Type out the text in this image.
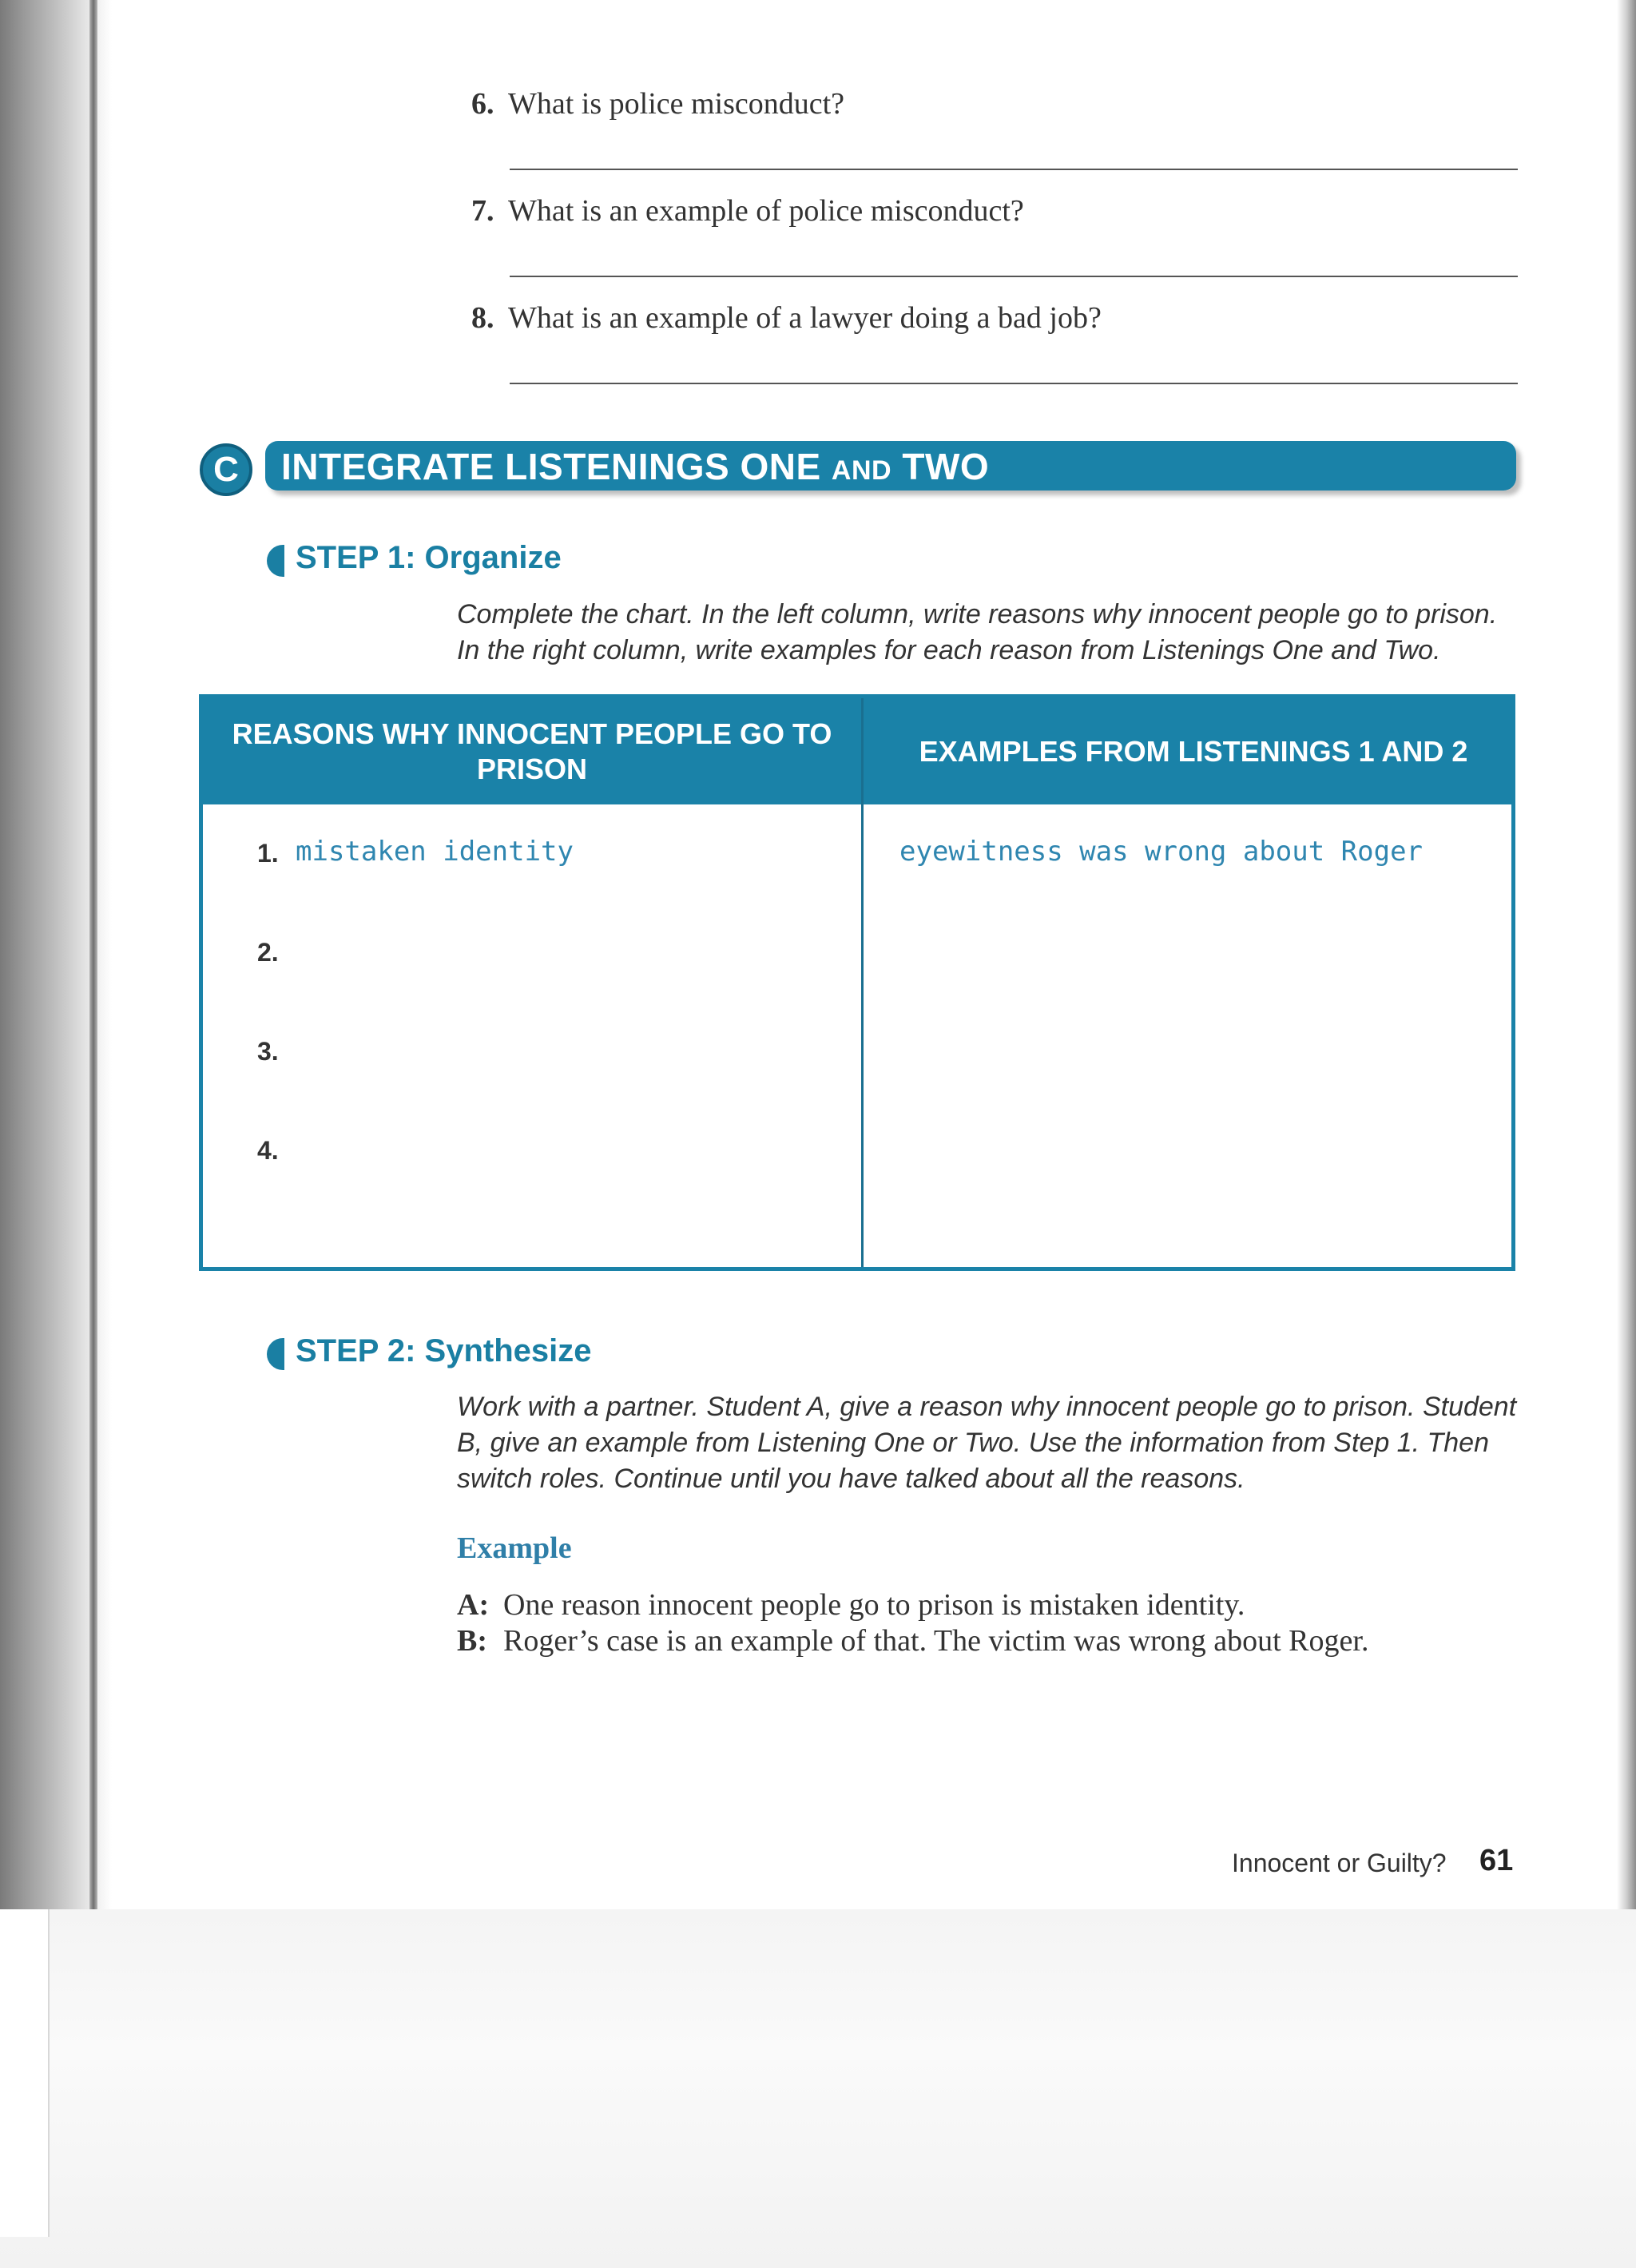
6. What is police misconduct?
7. What is an example of police misconduct?
8. What is an example of a lawyer doing a bad job?
C	INTEGRATE LISTENINGS ONE AND TWO
STEP 1: Organize
Complete the chart. In the left column, write reasons why innocent people go to prison. In the right column, write examples for each reason from Listenings One and Two.
REASONS WHY INNOCENT PEOPLE GO TO PRISON
EXAMPLES FROM LISTENINGS 1 AND 2
1. mistaken identity	eyewitness was wrong about Roger
2.
3.
4.
STEP 2: Synthesize
Work with a partner. Student A, give a reason why innocent people go to prison. Student B, give an example from Listening One or Two. Use the information from Step 1. Then switch roles. Continue until you have talked about all the reasons.
Example
A: One reason innocent people go to prison is mistaken identity.
B: Roger’s case is an example of that. The victim was wrong about Roger.
Innocent or Guilty? 61
